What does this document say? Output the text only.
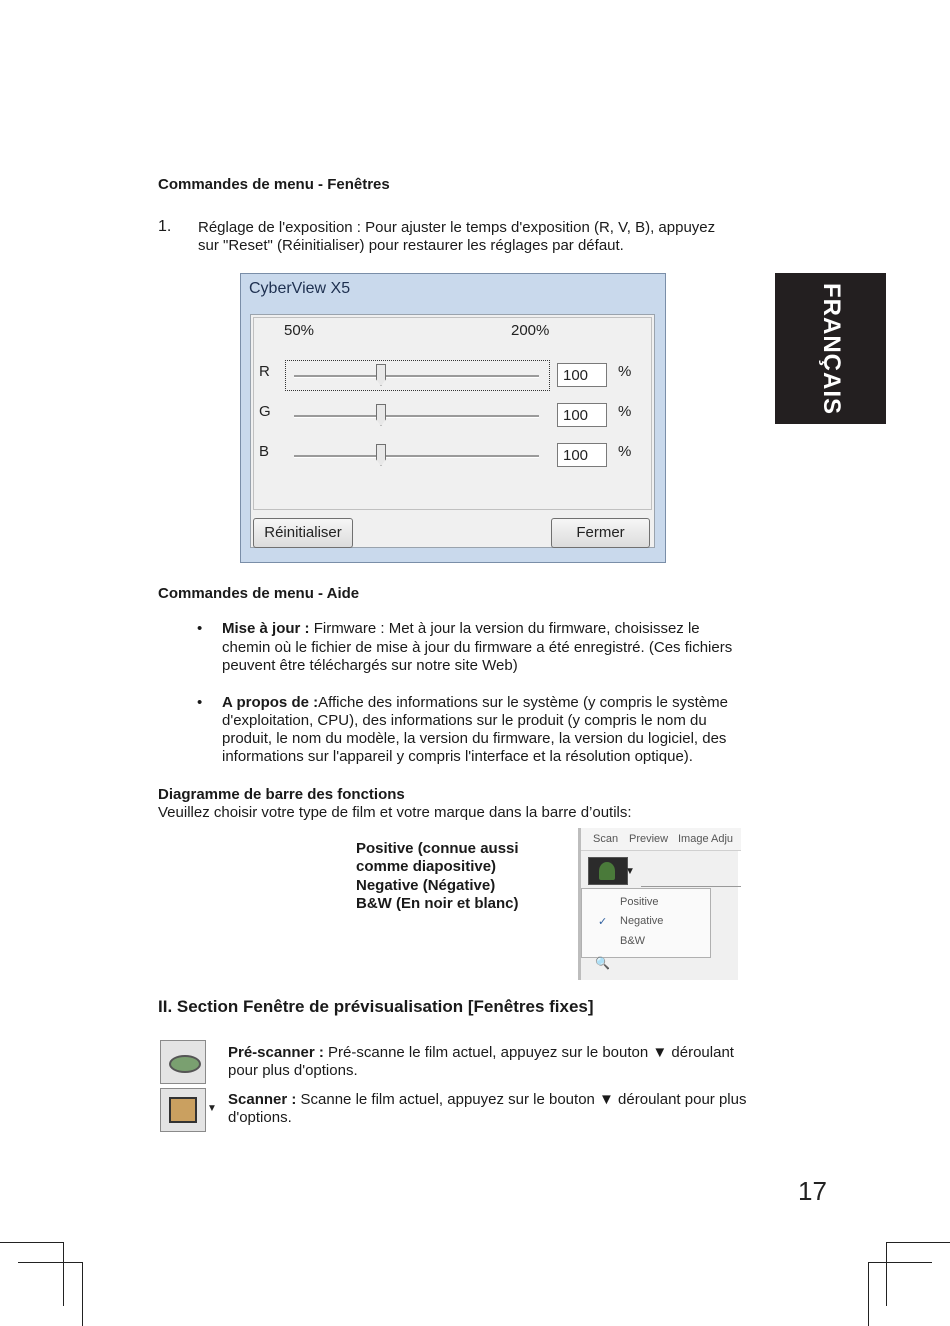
FRANÇAIS
Commandes de menu - Fenêtres
1. Réglage de l'exposition : Pour ajuster le temps d'exposition (R, V, B), appuyez
sur "Reset" (Réinitialiser) pour restaurer les réglages par défaut.
CyberView X5
50%	200%
R	100	%
G	100	%
B	100	%
Réinitialiser	Fermer
Commandes de menu - Aide
• Mise à jour : Firmware : Met à jour la version du firmware, choisissez le
chemin où le fichier de mise à jour du firmware a été enregistré. (Ces fichiers
peuvent être téléchargés sur notre site Web)
• A propos de :Affiche des informations sur le système (y compris le système
d'exploitation, CPU), des informations sur le produit (y compris le nom du
produit, le nom du modèle, la version du firmware, la version du logiciel, des
informations sur l'appareil y compris l'interface et la résolution optique).
Diagramme de barre des fonctions
Veuillez choisir votre type de film et votre marque dans la barre d’outils:
Positive (connue aussi
comme diapositive)
Negative (Négative)
B&W (En noir et blanc)
Scan Preview Image Adju
▼
Positive
✓ Negative
B&W
🔍
II. Section Fenêtre de prévisualisation [Fenêtres fixes]
Pré-scanner : Pré-scanne le film actuel, appuyez sur le bouton ▼ déroulant
pour plus d'options.
▼
Scanner : Scanne le film actuel, appuyez sur le bouton ▼ déroulant pour plus
d'options.
17
